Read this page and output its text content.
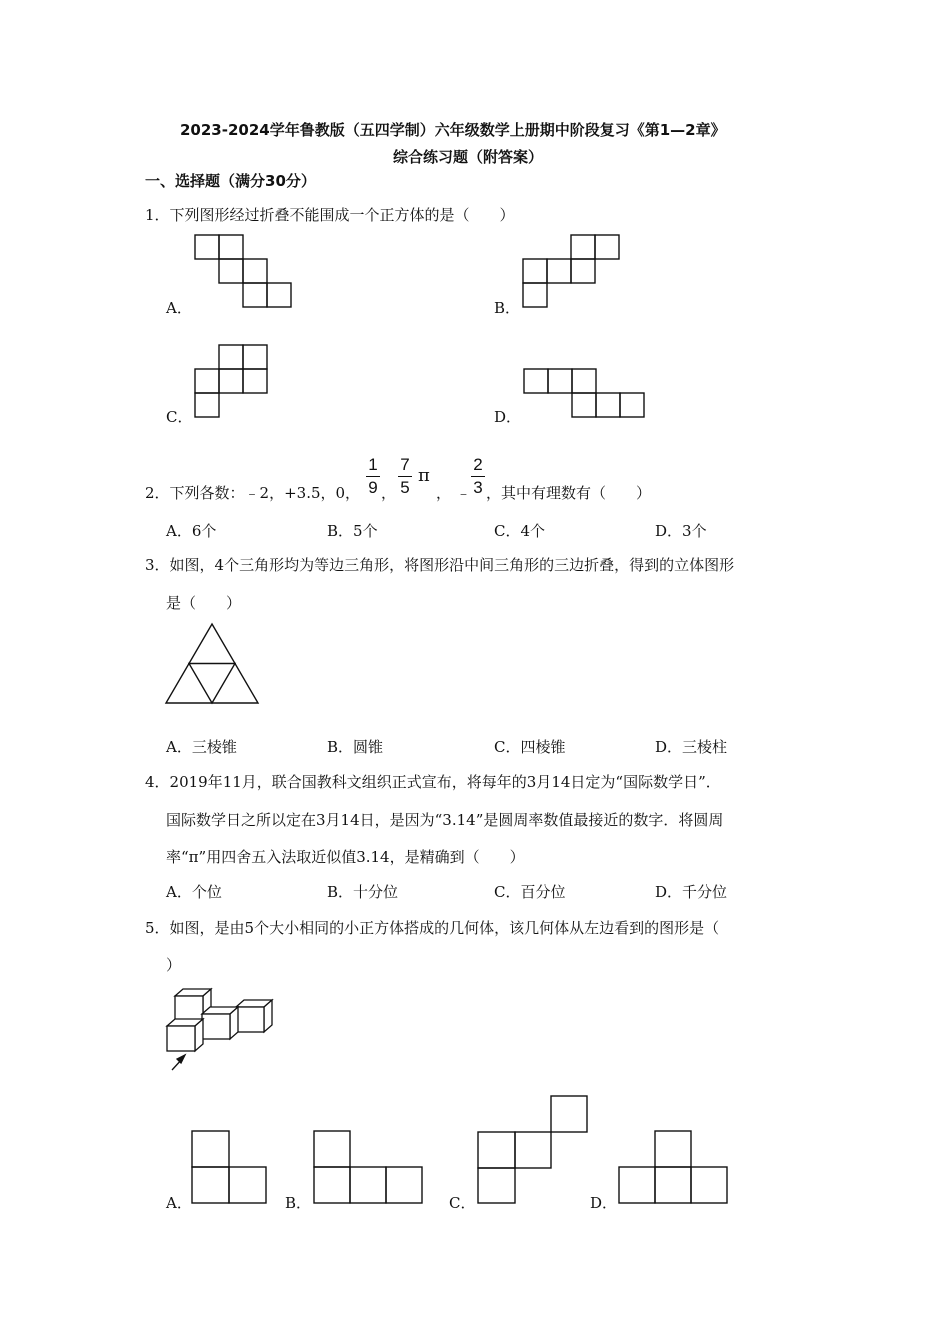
2023-2024学年鲁教版（五四学制）六年级数学上册期中阶段复习《第1—2章》
综合练习题（附答案）
一、选择题（满分30分）
1．下列图形经过折叠不能围成一个正方体的是（　　）
A．	B．
C．	D．
2．下列各数：﹣2，+3.5，0，
1
9 ，
7
5
π
， ﹣
2
3 ，其中有理数有（　　）
A．6个	B．5个	C．4个	D．3个
3．如图，4个三角形均为等边三角形，将图形沿中间三角形的三边折叠，得到的立体图形
是（　　）
A．三棱锥	B．圆锥	C．四棱锥	D．三棱柱
4．2019年11月，联合国教科文组织正式宣布，将每年的3月14日定为“国际数学日”．
国际数学日之所以定在3月14日，是因为“3.14”是圆周率数值最接近的数字．将圆周
率“π”用四舍五入法取近似值3.14，是精确到（　　）
A．个位	B．十分位	C．百分位	D．千分位
5．如图，是由5个大小相同的小正方体搭成的几何体，该几何体从左边看到的图形是（
）
A．	B．	C．	D．
